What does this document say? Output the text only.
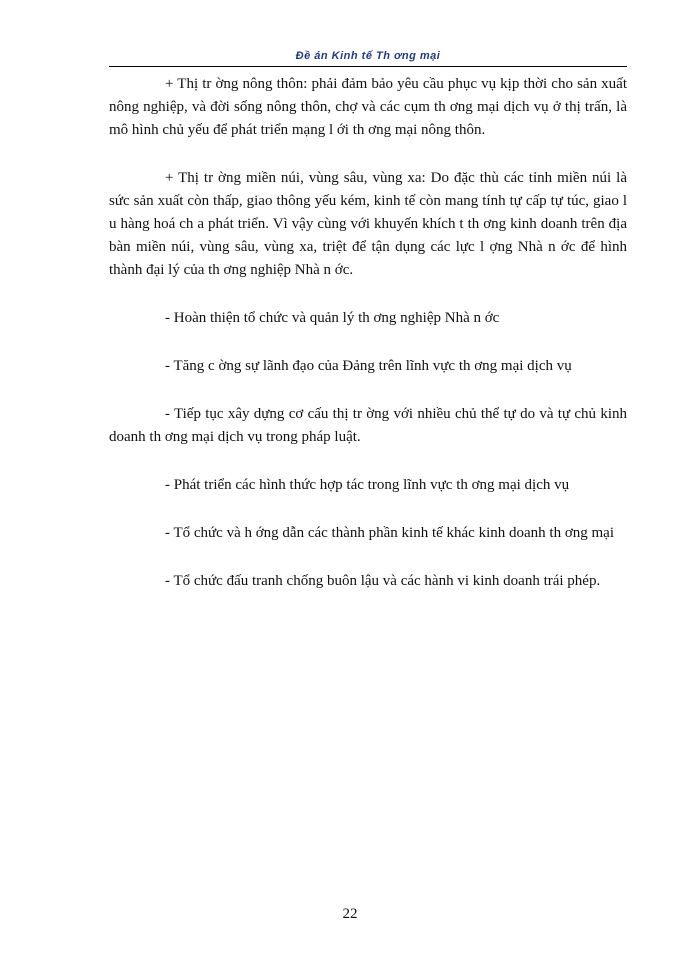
Đề án Kinh tế Th ơng mại

+ Thị tr ờng nông thôn: phải đảm bảo yêu cầu phục vụ kịp thời cho sản xuất nông nghiệp, và đời sống nông thôn, chợ và các cụm th ơng mại dịch vụ ở thị trấn, là mô hình chủ yếu để phát triển mạng l ới th ơng mại nông thôn.

+ Thị tr ờng miền núi, vùng sâu, vùng xa: Do đặc thù các tỉnh miền núi là sức sản xuất còn thấp, giao thông yếu kém, kinh tế còn mang tính tự cấp tự túc, giao l u hàng hoá ch a phát triển. Vì vậy cùng với khuyến khích t th ơng kinh doanh trên địa bàn miền núi, vùng sâu, vùng xa, triệt để tận dụng các lực l ợng Nhà n ớc để hình thành đại lý của th ơng nghiệp Nhà n ớc.

- Hoàn thiện tổ chức và quản lý th ơng nghiệp Nhà n ớc

- Tăng c ờng sự lãnh đạo của Đảng trên lĩnh vực th ơng mại dịch vụ

- Tiếp tục xây dựng cơ cấu thị tr ờng với nhiều chủ thể tự do và tự chủ kinh doanh th ơng mại dịch vụ trong pháp luật.

- Phát triển các hình thức hợp tác trong lĩnh vực th ơng mại dịch vụ

- Tổ chức và h ớng dẫn các thành phần kinh tế khác kinh doanh th ơng mại

- Tổ chức đấu tranh chống buôn lậu và các hành vi kinh doanh trái phép.

22
